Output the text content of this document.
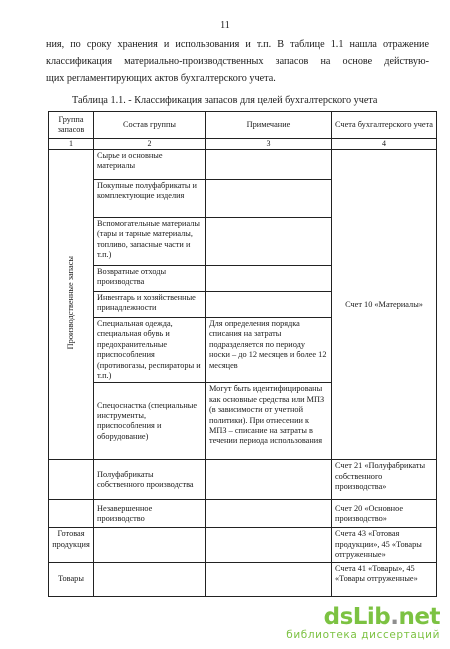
11
ния, по сроку хранения и использования и т.п. В таблице 1.1 нашла отражение
классификация материально-производственных запасов на основе действую-
щих регламентирующих актов бухгалтерского учета.
Таблица 1.1. - Классификация запасов для целей бухгалтерского учета
Группа запасов	Состав группы	Примечание	Счета бухгалтерского учета
1	2	3	4
Производственные запасы	Сырье и основные материалы		Счет 10 «Материалы»
	Покупные полуфабрикаты и комплектующие изделия		
	Вспомогательные материалы (тары и тарные материалы, топливо, запасные части и т.п.)		
	Возвратные отходы производства		
	Инвентарь и хозяйственные принадлежности		
	Специальная одежда, специальная обувь и предохранительные приспособления (противогазы, респираторы и т.п.)	Для определения порядка списания на затраты подразделяется по периоду носки – до 12 месяцев и более 12 месяцев	
	Спецоснастка (специальные инструменты, приспособления и оборудование)	Могут быть идентифицированы как основные средства или МПЗ (в зависимости от учетной политики). При отнесении к МПЗ – списание на затраты в течении периода использования	
	Полуфабрикаты собственного производства		Счет 21 «Полуфабрикаты собственного производства»
	Незавершенное производство		Счет 20 «Основное производство»
Готовая продукция			Счета 43 «Готовая продукции», 45 «Товары отгруженные»
Товары			Счета 41 «Товары», 45 «Товары отгруженные»
dsLib.net
библиотека диссертаций
